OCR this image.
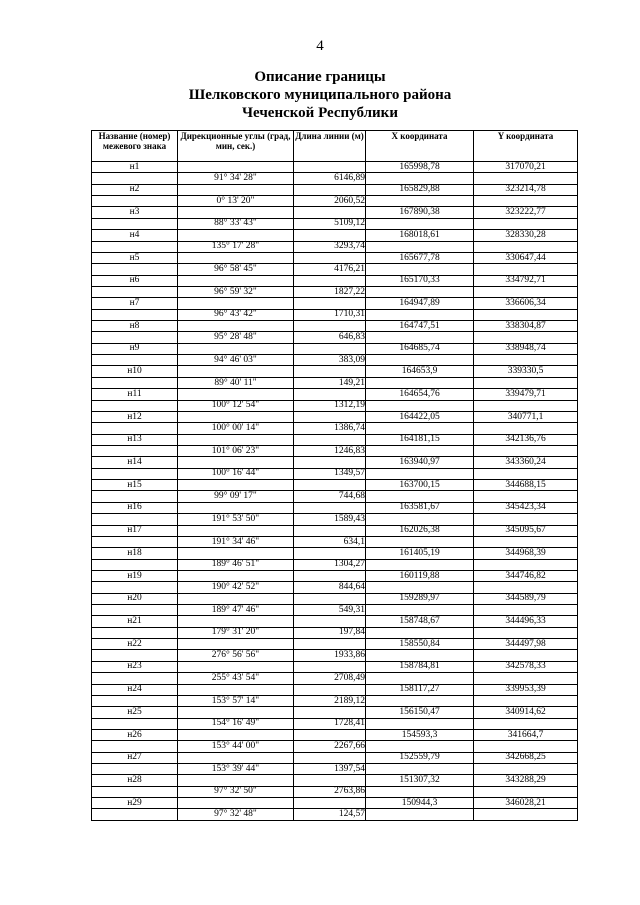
4
Описание границы
Шелковского муниципального района
Чеченской Республики
Название (номер) межевого знака	Дирекционные углы (град, мин, сек.)	Длина линии (м)	X координата	Y координата
н1			165998,78	317070,21
	91° 34' 28"	6146,89		
н2			165829,88	323214,78
	0° 13' 20"	2060,52		
н3			167890,38	323222,77
	88° 33' 43"	5109,12		
н4			168018,61	328330,28
	135° 17' 28"	3293,74		
н5			165677,78	330647,44
	96° 58' 45"	4176,21		
н6			165170,33	334792,71
	96° 59' 32"	1827,22		
н7			164947,89	336606,34
	96° 43' 42"	1710,31		
н8			164747,51	338304,87
	95° 28' 48"	646,83		
н9			164685,74	338948,74
	94° 46' 03"	383,09		
н10			164653,9	339330,5
	89° 40' 11"	149,21		
н11			164654,76	339479,71
	100° 12' 54"	1312,19		
н12			164422,05	340771,1
	100° 00' 14"	1386,74		
н13			164181,15	342136,76
	101° 06' 23"	1246,83		
н14			163940,97	343360,24
	100° 16' 44"	1349,57		
н15			163700,15	344688,15
	99° 09' 17"	744,68		
н16			163581,67	345423,34
	191° 53' 50"	1589,43		
н17			162026,38	345095,67
	191° 34' 46"	634,1		
н18			161405,19	344968,39
	189° 46' 51"	1304,27		
н19			160119,88	344746,82
	190° 42' 52"	844,64		
н20			159289,97	344589,79
	189° 47' 46"	549,31		
н21			158748,67	344496,33
	179° 31' 20"	197,84		
н22			158550,84	344497,98
	276° 56' 56"	1933,86		
н23			158784,81	342578,33
	255° 43' 54"	2708,49		
н24			158117,27	339953,39
	153° 57' 14"	2189,12		
н25			156150,47	340914,62
	154° 16' 49"	1728,41		
н26			154593,3	341664,7
	153° 44' 00"	2267,66		
н27			152559,79	342668,25
	153° 39' 44"	1397,54		
н28			151307,32	343288,29
	97° 32' 50"	2763,86		
н29			150944,3	346028,21
	97° 32' 48"	124,57		
